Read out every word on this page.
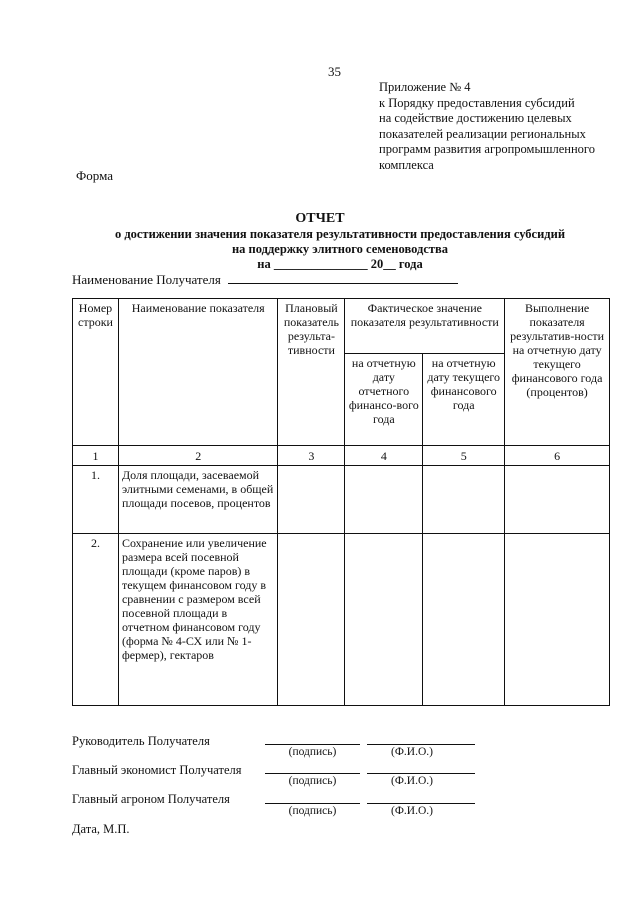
35
Приложение № 4
к Порядку предоставления субсидий
на содействие достижению целевых
показателей реализации региональных
программ развития агропромышленного
комплекса
Форма
ОТЧЕТ
о достижении значения показателя результативности предоставления субсидий
на поддержку элитного семеноводства
на _______________ 20__ года
Наименование Получателя
Номер строки	Наименование показателя	Плановый показатель результа-тивности	Фактическое значение показателя результативности		Выполнение показателя результатив-ности на отчетную дату текущего финансового года (процентов)
			на отчетную дату отчетного финансо-вого года	на отчетную дату текущего финансового года	
1	2	3	4	5	6
1.	Доля площади, засеваемой элитными семенами, в общей площади посевов, процентов				
2.	Сохранение или увеличение размера всей посевной площади (кроме паров) в текущем финансовом году в сравнении с размером всей посевной площади в отчетном финансовом году (форма № 4-СХ или № 1-фермер), гектаров				
Руководитель Получателя
(подпись)	(Ф.И.О.)
Главный экономист Получателя
(подпись)	(Ф.И.О.)
Главный агроном Получателя
(подпись)	(Ф.И.О.)
Дата, М.П.
